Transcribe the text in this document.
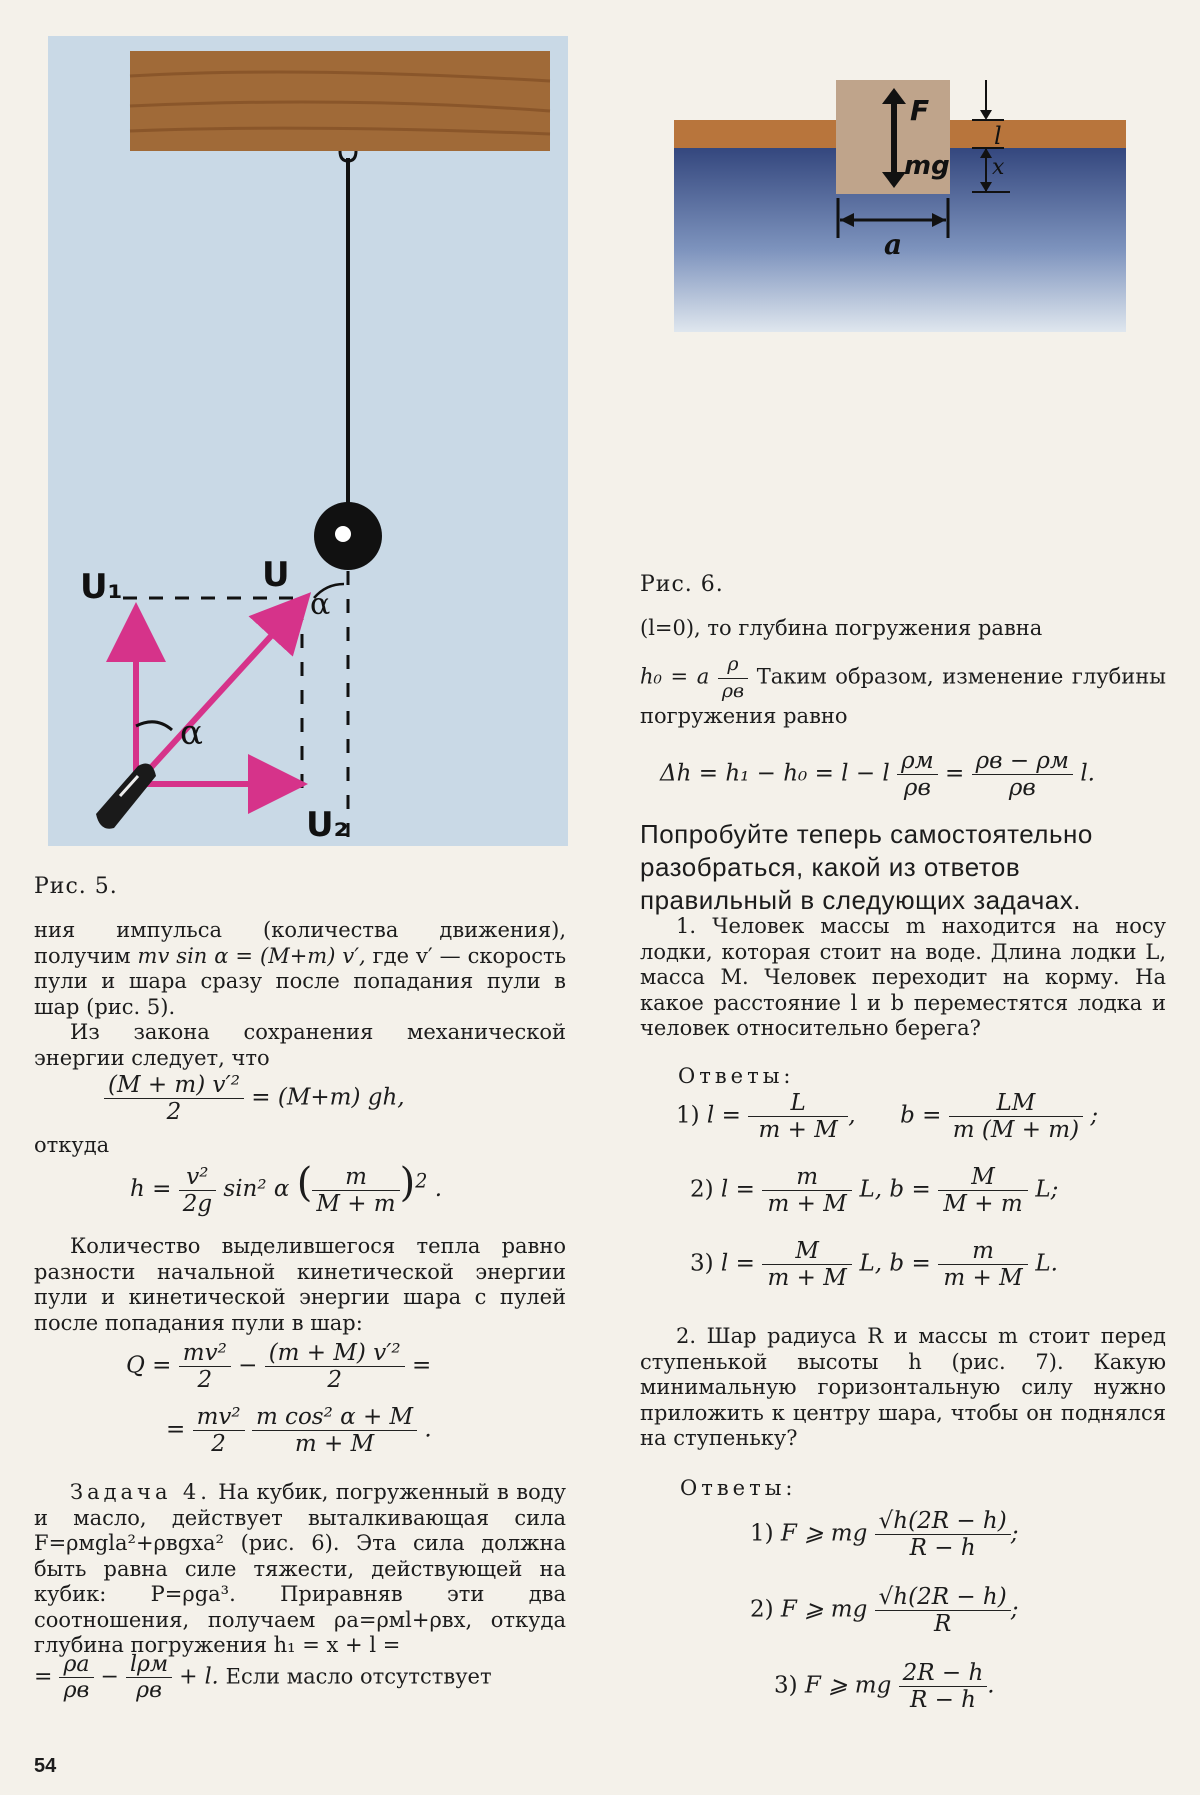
U₁	U
U₂
α
α
Рис. 5.
F
mg
a
l
x
Рис. 6.

ния импульса (количества движения), получим mv sin α = (M+m) v′, где v′ — скорость пули и шара сразу после попадания пули в шар (рис. 5).

Из закона сохранения механической энергии следует, что

$\frac{\text{(M + m) v′²}}{2} = (M+m)$ gh,
откуда
$h = \frac{\text{v²}}{2g} \sin^2$ α ( $\frac{m}{M + m} )^2$ .

Количество выделившегося тепла равно разности начальной кинетической энергии пули и кинетической энергии шара с пулей после попадания пули в шар:

$Q = \frac{\text{mv²}}{2} - \frac{\text{(m + M) v′²}}{2}$ =
= $\frac{\text{mv²}}{2}$
$\frac{\text{m cos² α + M}}{m + M}$ .

Задача 4. На кубик, погруженный в воду и масло, действует выталкивающая сила F=ρмgla²+ρвgxa² (рис. 6). Эта сила должна быть равна силе тяжести, действующей на кубик: P=ρga³. Приравняв эти два соотношения, получаем ρa=ρмl+ρвx, откуда глубина погружения h₁ = x + l =

= $\frac{\rho a}{\rho в} - \frac{\text{lρм}}{\rho в} + l$. Если масло отсутствует
54

(l=0), то глубина погружения равна

h₀ = a $\frac{\rho}{\rho в}$ Таким образом, изменение глубины погружения равно
Δh = h₁ − h₀ = l − l $\frac{\rho м}{\rho в} = \frac{\rho в - \rho м}{\rho в} l$.
Попробуйте теперь самостоятельно разобраться, какой из ответов правильный в следующих задачах.

1. Человек массы m находится на носу лодки, которая стоит на воде. Длина лодки L, масса M. Человек переходит на корму. На какое расстояние l и b переместятся лодка и человек относительно берега?

Ответы:
1) $l = \frac{L}{m + M}$ , $b = \frac{LM}{m (M + m)}$ ;
2) $l = \frac{m}{m + M} L$, $b = \frac{M}{M + m} L$;
3) $l = \frac{M}{m + M} L$, $b = \frac{m}{m + M} L$.

2. Шар радиуса R и массы m стоит перед ступенькой высоты h (рис. 7). Какую минимальную горизонтальную силу нужно приложить к центру шара, чтобы он поднялся на ступеньку?

Ответы:
1) F ⩾ mg $\frac{√h(2R - h)}{R - h}$ ;
2) F ⩾ mg $\frac{√h(2R - h)}{R}$ ;
3) F ⩾ mg $\frac{2R - h}{R - h}$ .
